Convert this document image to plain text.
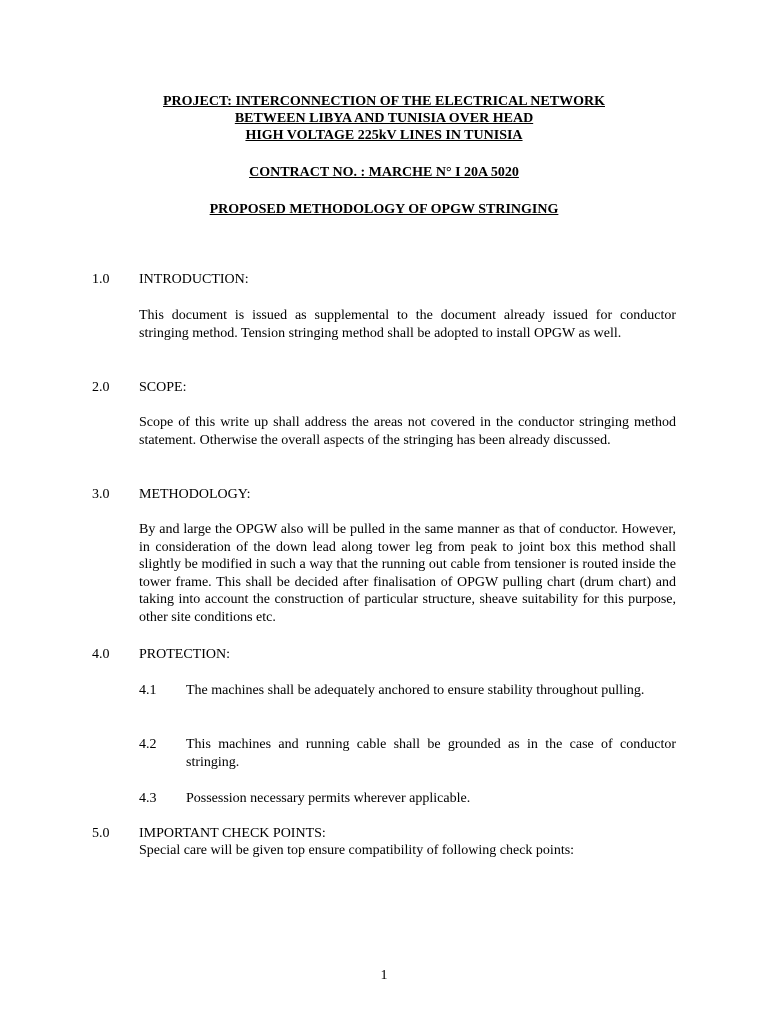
PROJECT: INTERCONNECTION OF THE ELECTRICAL NETWORK
BETWEEN LIBYA AND TUNISIA OVER HEAD
HIGH VOLTAGE 225kV LINES IN TUNISIA
CONTRACT NO. : MARCHE N° I 20A 5020
PROPOSED METHODOLOGY OF OPGW STRINGING
1.0 INTRODUCTION:
This document is issued as supplemental to the document already issued for conductor stringing method. Tension stringing method shall be adopted to install OPGW as well.
2.0 SCOPE:
Scope of this write up shall address the areas not covered in the conductor stringing method statement. Otherwise the overall aspects of the stringing has been already discussed.
3.0 METHODOLOGY:
By and large the OPGW also will be pulled in the same manner as that of conductor. However, in consideration of the down lead along tower leg from peak to joint box this method shall slightly be modified in such a way that the running out cable from tensioner is routed inside the tower frame. This shall be decided after finalisation of OPGW pulling chart (drum chart) and taking into account the construction of particular structure, sheave suitability for this purpose, other site conditions etc.
4.0 PROTECTION:
4.1 The machines shall be adequately anchored to ensure stability throughout pulling.
4.2 This machines and running cable shall be grounded as in the case of conductor stringing.
4.3 Possession necessary permits wherever applicable.
5.0 IMPORTANT CHECK POINTS:
Special care will be given top ensure compatibility of following check points:
1
